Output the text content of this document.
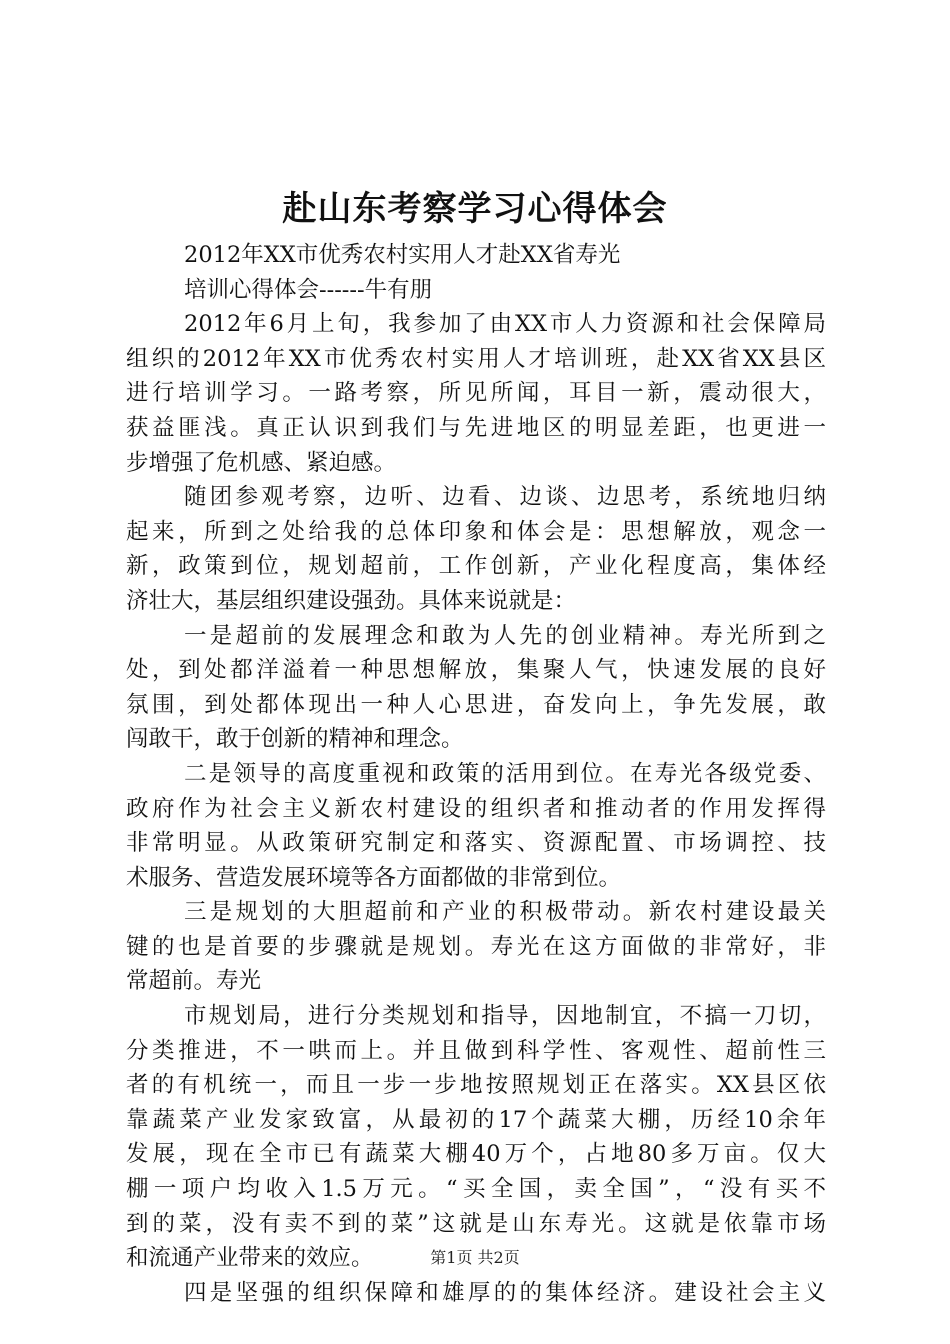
赴山东考察学习心得体会
2012年XX市优秀农村实用人才赴XX省寿光
培训心得体会------牛有朋
2012年6月上旬，我参加了由XX市人力资源和社会保障局
组织的2012年XX市优秀农村实用人才培训班，赴XX省XX县区
进行培训学习。一路考察，所见所闻，耳目一新，震动很大，
获益匪浅。真正认识到我们与先进地区的明显差距，也更进一
步增强了危机感、紧迫感。
随团参观考察，边听、边看、边谈、边思考，系统地归纳
起来，所到之处给我的总体印象和体会是：思想解放，观念一
新，政策到位，规划超前，工作创新，产业化程度高，集体经
济壮大，基层组织建设强劲。具体来说就是：
一是超前的发展理念和敢为人先的创业精神。寿光所到之
处，到处都洋溢着一种思想解放，集聚人气，快速发展的良好
氛围，到处都体现出一种人心思进，奋发向上，争先发展，敢
闯敢干，敢于创新的精神和理念。
二是领导的高度重视和政策的活用到位。在寿光各级党委、
政府作为社会主义新农村建设的组织者和推动者的作用发挥得
非常明显。从政策研究制定和落实、资源配置、市场调控、技
术服务、营造发展环境等各方面都做的非常到位。
三是规划的大胆超前和产业的积极带动。新农村建设最关
键的也是首要的步骤就是规划。寿光在这方面做的非常好，非
常超前。寿光
市规划局，进行分类规划和指导，因地制宜，不搞一刀切，
分类推进，不一哄而上。并且做到科学性、客观性、超前性三
者的有机统一，而且一步一步地按照规划正在落实。XX县区依
靠蔬菜产业发家致富，从最初的17个蔬菜大棚，历经10余年
发展，现在全市已有蔬菜大棚40万个，占地80多万亩。仅大
棚一项户均收入1.5万元。“买全国，卖全国”，“没有买不
到的菜，没有卖不到的菜”这就是山东寿光。这就是依靠市场
和流通产业带来的效应。
四是坚强的组织保障和雄厚的的集体经济。建设社会主义
第1页 共2页
